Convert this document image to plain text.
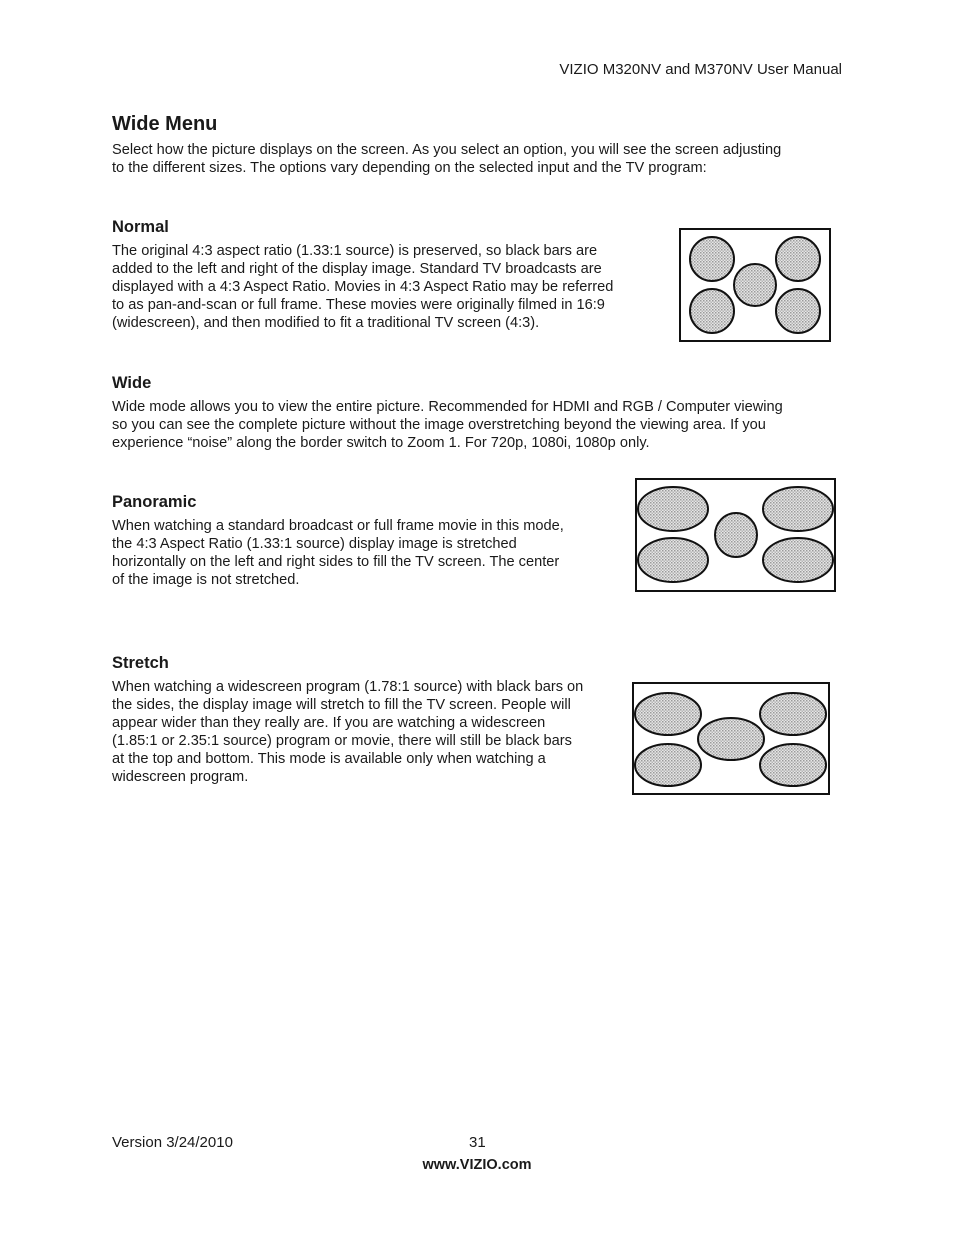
VIZIO M320NV and M370NV User Manual
Wide Menu
Select how the picture displays on the screen. As you select an option, you will see the screen adjusting
to the different sizes. The options vary depending on the selected input and the TV program:
Normal
The original 4:3 aspect ratio (1.33:1 source) is preserved, so black bars are
added to the left and right of the display image. Standard TV broadcasts are
displayed with a 4:3 Aspect Ratio. Movies in 4:3 Aspect Ratio may be referred
to as pan-and-scan or full frame. These movies were originally filmed in 16:9
(widescreen), and then modified to fit a traditional TV screen (4:3).
Wide
Wide mode allows you to view the entire picture. Recommended for HDMI and RGB / Computer viewing
so you can see the complete picture without the image overstretching beyond the viewing area. If you
experience “noise” along the border switch to Zoom 1. For 720p, 1080i, 1080p only.
Panoramic
When watching a standard broadcast or full frame movie in this mode,
the 4:3 Aspect Ratio (1.33:1 source) display image is stretched
horizontally on the left and right sides to fill the TV screen. The center
of the image is not stretched.
Stretch
When watching a widescreen program (1.78:1 source) with black bars on
the sides, the display image will stretch to fill the TV screen. People will
appear wider than they really are. If you are watching a widescreen
(1.85:1 or 2.35:1 source) program or movie, there will still be black bars
at the top and bottom. This mode is available only when watching a
widescreen program.
Version 3/24/2010	31
www.VIZIO.com
